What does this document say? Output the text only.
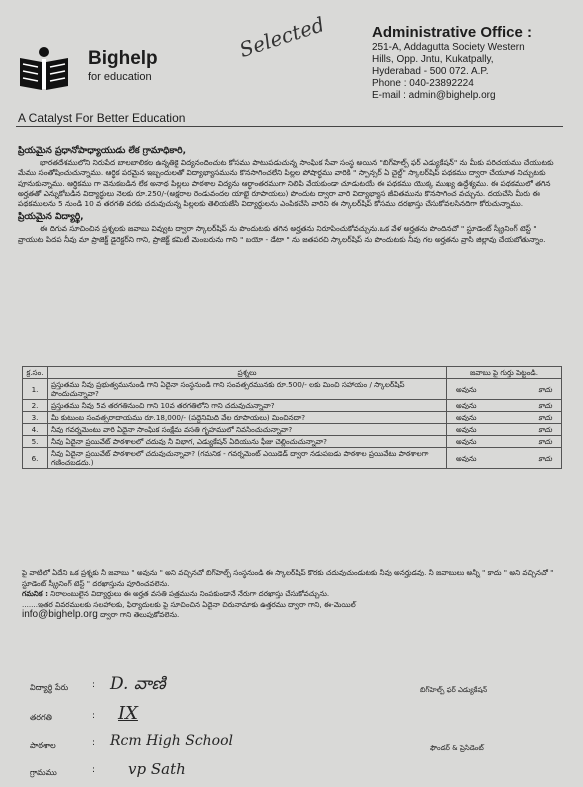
Bighelp
for education
A Catalyst For Better Education
Selected	Administrative Office :
251-A, Addagutta Society Western
Hills, Opp. Jntu, Kukatpally,
Hyderabad - 500 072. A.P.
Phone : 040-23892224
E-mail : admin@bighelp.org

ప్రియమైన ప్రధానోపాధ్యాయుడు లేక గ్రామాధికారి,

భారతదేశములోని నిరుపేద బాలబాలికల ఉన్నతికై విద్యనందించుట కోసము పాటుపడుచున్న సాంఘిక సేవా సంస్థ అయిన "బిగ్‌హెల్ప్ ఫర్ ఎడ్యుకేషన్" ను మీకు పరిచయము చేయుటకు మేము సంతోషించుచున్నాము. ఆర్థిక పరమైన ఇబ్బందులతో విద్యాభ్యాసమును కొనసాగించలేని పిల్లల పోషార్థము వారికి " స్పాన్సర్ ఏ చైల్డ్" స్కాలర్‌షిప్ పథకము ద్వారా చేయూత నిచ్చుటకు పూనుకున్నాము. ఆర్థికము గా వెనుకబడిన లేక అనాథ పిల్లలు పాఠశాల విద్యను ఆర్థాంతరముగా నిలిపి వేయకుండా చూడుటయే ఈ పథకము యొక్క ముఖ్య ఉద్దేశ్యము. ఈ పథకములో తగిన అర్హతతో ఎన్నుకోబడిన విద్యార్థులు నెలకు రూ.250/-(అక్షరాల రెండువందల యాభై రూపాయలు) పొందుట ద్వారా వారి విద్యాభ్యాస జీవితమును కొనసాగించ వచ్చును. దయచేసి మీరు ఈ పథకములను 5 నుండి 10 వ తరగతి వరకు చదువుచున్న పిల్లలకు తెలియజేసి విద్యార్థులను ఎంపికచేసి వారిని ఈ స్కాలర్‌షిప్ కోసము దరఖాస్తు చేసుకోవలసినదిగా కోరుచున్నాము.

ప్రియమైన విద్యార్థి,

ఈ దిగువ సూచించిన ప్రశ్నలకు జవాబు వివ్వుట ద్వారా స్కాలర్‌షిప్ ను పొందుటకు తగిన అర్హతను నిరూపించుకోవచ్చును.ఒక వేళ అర్హతను పొందినచో " స్టూడెంట్ స్క్రీనింగ్ టెస్ట్ " వ్రాయుట పిదప నీవు మా ప్రాజెక్ట్ డైరెక్టర్‌ని గాని, ప్రాజెక్ట్ కమిటీ మెంబరును గాని " బయో - డేటా " ను జతపరచి స్కాలర్‌షిప్ ను పొందుటకు నీవు గల అర్హతను వ్రాసి జిల్లావు చేయబోతున్నాం.

క్ర.సం.	ప్రశ్నలు	జవాబు పై గుర్తు పెట్టండి.
1.	ప్రస్తుతము నీవు ప్రభుత్వమునుండి గాని ఏదైనా సంస్థనుండి గాని సంవత్సరమునకు రూ.500/- లకు మించి సహాయం / స్కాలర్‌షిప్ పొందుచున్నావా?	అవును కాదు

2.	ప్రస్తుతము నీవు 5వ తరగతినుంచి గాని 10వ తరగతిలోని గాని చదువుచున్నావా?	అవును కాదు

3.	మీ కుటుంబ సంవత్సరాదాయము రూ.18,000/- (పద్దెనిమిది వేల రూపాయలు) మించినదా?	అవును కాదు

4.	నీవు గవర్నమెంటు వారి ఏదైనా సాంఘిక సంక్షేమ వసతి గృహములో నివసించుచున్నావా?	అవును కాదు

5.	నీవు ఏదైనా ప్రయివేట్ పాఠశాలలో చదువు నీ విభాగ, ఎడ్యుకేషన్ ఏదియును ఫీజు చెల్లించుచున్నావా?	అవును కాదు

6.	నీవు ఏదైనా ప్రయివేట్ పాఠశాలలో చదువుచున్నావా? (గమనిక - గవర్నమెంట్ ఎయిడెడ్ ద్వారా నడుపబడు పాఠశాల ప్రయివేటు పాఠశాలగా గణించబడదు.)	అవును కాదు

పై వాటిలో ఏదేని ఒక ప్రశ్నకు నీ జవాబు " అవును " అని వచ్చినచో బిగ్‌హెల్ప్ సంస్థనుండి ఈ స్కాలర్‌షిప్ కొరకు చదువుచుండుటకు నీవు అనర్హుడవు. నీ జవాబులు అన్నీ " కాదు " అని వచ్చినచో " స్టూడెంట్ స్క్రీనింగ్ టెస్ట్ " దరఖాస్తును పూరించవలెను.

గమనిక : నిరాలంబులైన విద్యార్థులు ఈ అర్హత వసతి పత్రమును నింపకుండానే నేరుగా దరఖాస్తు చేసుకోవచ్చును.

.......ఇతర వివరములకు సలహాలకు, ఫిర్యాదులకు పై సూచించిన ఏదైనా చిరునామాకు ఉత్తరము ద్వారా గాని, ఈ-మెయిల్

info@bighelp.org ద్వారా గాని తెలుపుకోవలెను.

విద్యార్థి పేరు	: D. వాణి
తరగతి	: IX
పాఠశాల	: Rcm High School
గ్రామము	: vp Sath
బిగ్‌హెల్ప్ ఫర్ ఎడ్యుకేషన్
ఫౌండర్ & ప్రెసిడెంట్
